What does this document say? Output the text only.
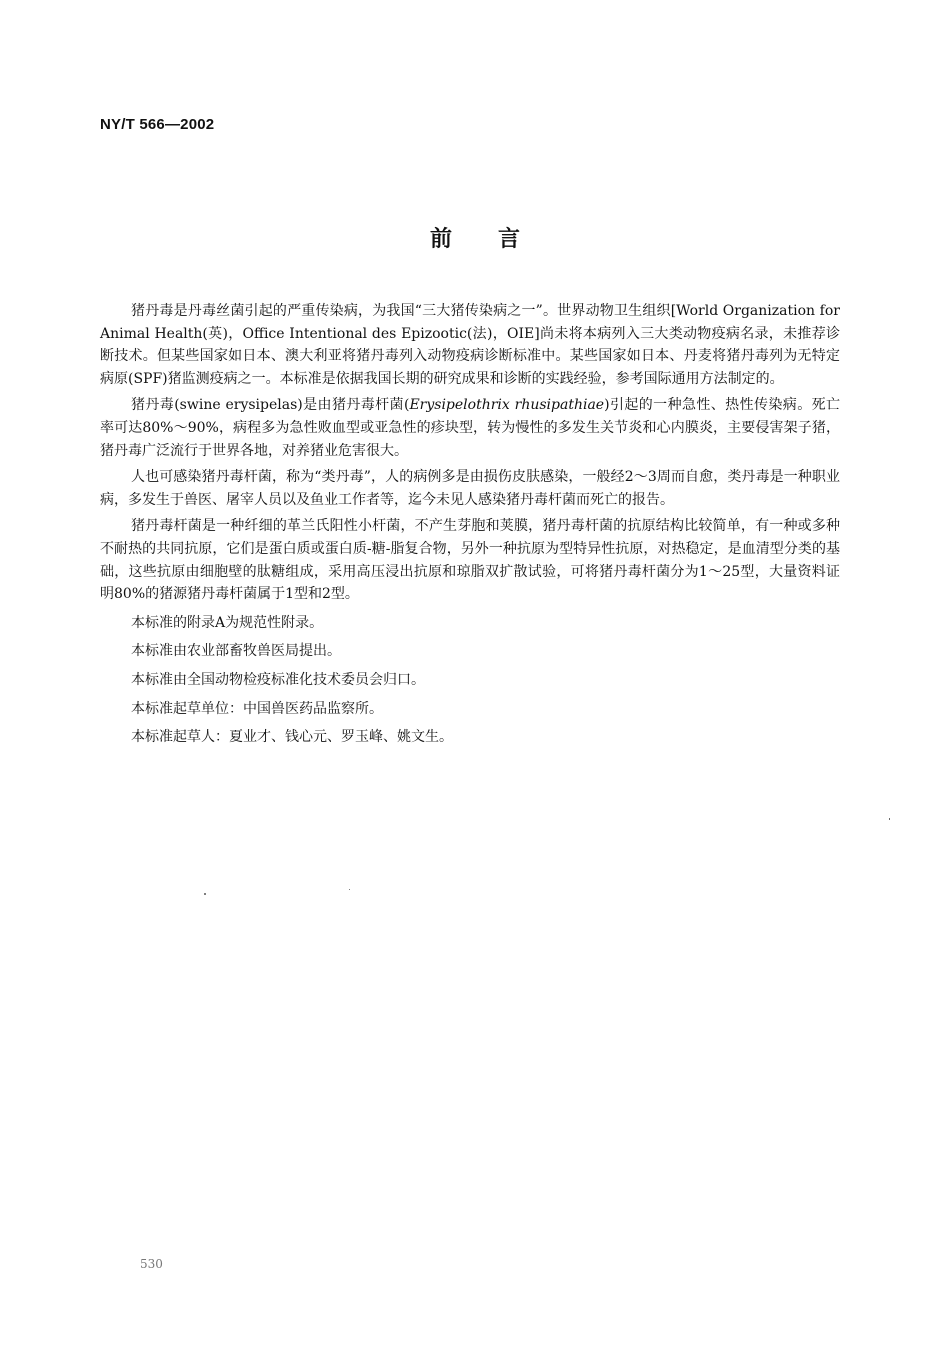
NY/T 566—2002
前言

猪丹毒是丹毒丝菌引起的严重传染病，为我国“三大猪传染病之一”。世界动物卫生组织[World Organization for Animal Health(英)，Office Intentional des Epizootic(法)，OIE]尚未将本病列入三大类动物疫病名录，未推荐诊断技术。但某些国家如日本、澳大利亚将猪丹毒列入动物疫病诊断标准中。某些国家如日本、丹麦将猪丹毒列为无特定病原(SPF)猪监测疫病之一。本标准是依据我国长期的研究成果和诊断的实践经验，参考国际通用方法制定的。

猪丹毒(swine erysipelas)是由猪丹毒杆菌(Erysipelothrix rhusipathiae)引起的一种急性、热性传染病。死亡率可达80%～90%，病程多为急性败血型或亚急性的疹块型，转为慢性的多发生关节炎和心内膜炎，主要侵害架子猪，猪丹毒广泛流行于世界各地，对养猪业危害很大。

人也可感染猪丹毒杆菌，称为“类丹毒”，人的病例多是由损伤皮肤感染，一般经2～3周而自愈，类丹毒是一种职业病，多发生于兽医、屠宰人员以及鱼业工作者等，迄今未见人感染猪丹毒杆菌而死亡的报告。

猪丹毒杆菌是一种纤细的革兰氏阳性小杆菌，不产生芽胞和荚膜，猪丹毒杆菌的抗原结构比较简单，有一种或多种不耐热的共同抗原，它们是蛋白质或蛋白质-糖-脂复合物，另外一种抗原为型特异性抗原，对热稳定，是血清型分类的基础，这些抗原由细胞壁的肽糖组成，采用高压浸出抗原和琼脂双扩散试验，可将猪丹毒杆菌分为1～25型，大量资料证明80%的猪源猪丹毒杆菌属于1型和2型。

本标准的附录A为规范性附录。

本标准由农业部畜牧兽医局提出。

本标准由全国动物检疫标准化技术委员会归口。

本标准起草单位：中国兽医药品监察所。

本标准起草人：夏业才、钱心元、罗玉峰、姚文生。

530
